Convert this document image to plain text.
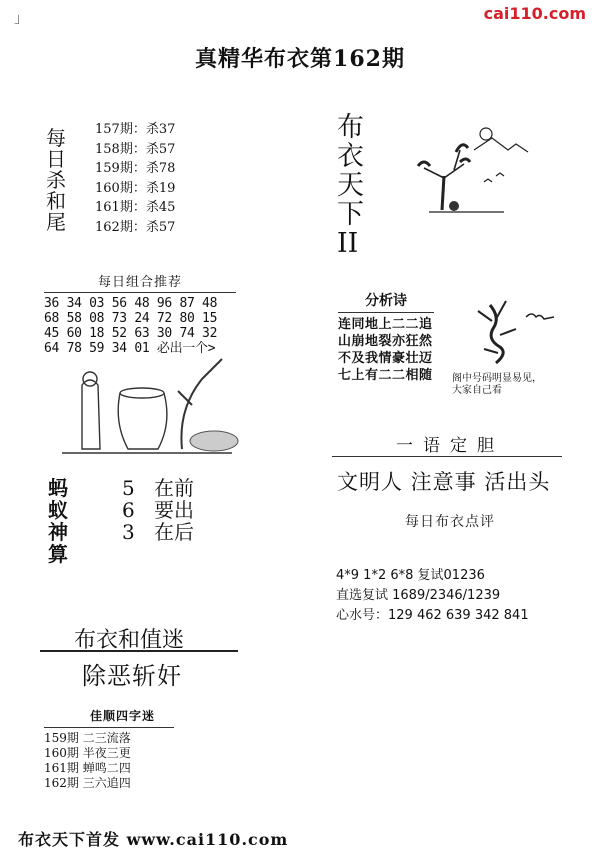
」	cai110.com
真精华布衣第162期
每
日
杀
和
尾
157期：杀37
158期：杀57
159期：杀78
160期：杀19
161期：杀45
162期：杀57
布
衣
天
下
II
每日组合推荐
36 34 03 56 48 96 87 48
68 58 08 73 24 72 80 15
45 60 18 52 63 30 74 32
64 78 59 34 01 必出一个>
分析诗
连同地上二二追
山崩地裂亦狂然
不及我情豪壮迈
七上有二二相随 阁中号码明显易见，
大家自己看
一语定胆
文明人 注意事 活出头
每日布衣点评
蚂
蚁
神
算
5 在前
6 要出
3 在后
4*9 1*2 6*8 复试01236
直选复试 1689/2346/1239
心水号：129 462 639 342 841
布衣和值迷
除恶斩奸
佳顺四字迷
159期 二三流落
160期 半夜三更
161期 蝉鸣二四
162期 三六追四
布衣天下首发 www.cai110.com
